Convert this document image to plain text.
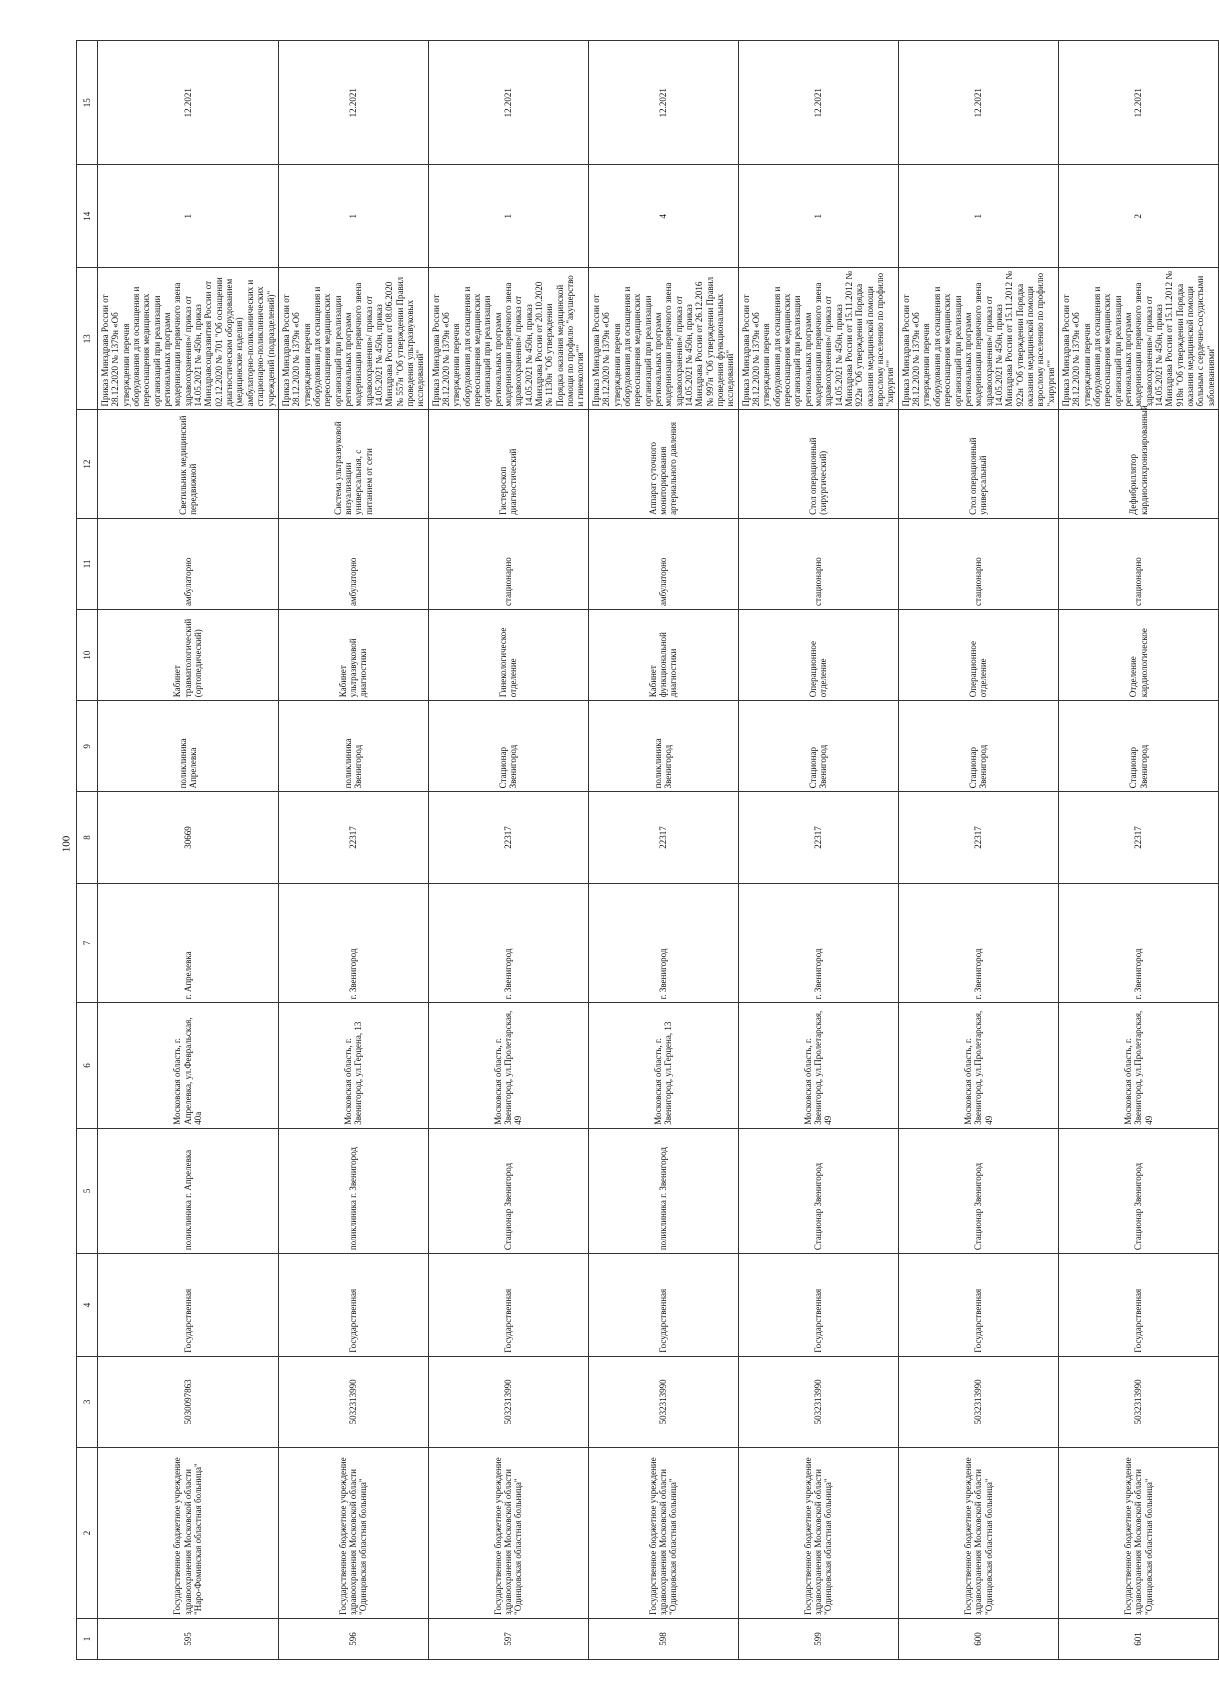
100
1	2	3	4	5	6	7	8	9	10	11	12	13	14	15
595	Государственное бюджетное учреждение здравоохранения Московской области "Наро-Фоминская областная больница"	5030097863	Государственная	поликлиника г. Апрелевка	Московская область, г. Апрелевка, ул.Февральская, 40а	г. Апрелевка	30669	поликлиника Апрелевка	Кабинет травматологический (ортопедический)	амбулаторно	Светильник медицинский передвижной	Приказ Минздрава России от 28.12.2020 № 1379н «Об утверждении перечня оборудования для оснащения и переоснащения медицинских организаций при реализации региональных программ модернизации первичного звена здравоохранения»/ приказ от 14.05.2021 № 450н, приказ Минздравсоцразвития России от 02.12.2020 № 701 "Об оснащении диагностическим оборудованием (медицинские изделия) амбулаторно-поликлинических и стационарно-поликлинических учреждений (подразделений)"	1	12.2021
596	Государственное бюджетное учреждение здравоохранения Московской области "Одинцовская областная больница"	5032313990	Государственная	поликлиника г. Звенигород	Московская область, г. Звенигород, ул.Герцена, 13	г. Звенигород	22317	поликлиника Звенигород	Кабинет ультразвуковой диагностики	амбулаторно	Система ультразвуковой визуализации универсальная, с питанием от сети	Приказ Минздрава России от 28.12.2020 № 1379н «Об утверждении перечня оборудования для оснащения и переоснащения медицинских организаций при реализации региональных программ модернизации первичного звена здравоохранения»/ приказ от 14.05.2021 № 450н, приказ Минздрава России от 08.06.2020 № 557н "Об утверждении Правил проведения ультразвуковых исследований"	1	12.2021
597	Государственное бюджетное учреждение здравоохранения Московской области "Одинцовская областная больница"	5032313990	Государственная	Стационар Звенигород	Московская область, г. Звенигород, ул.Пролетарская, 49	г. Звенигород	22317	Стационар Звенигород	Гинекологическое отделение	стационарно	Гистероскоп диагностический	Приказ Минздрава России от 28.12.2020 № 1379н «Об утверждении перечня оборудования для оснащения и переоснащения медицинских организаций при реализации региональных программ модернизации первичного звена здравоохранения»/ приказ от 14.05.2021 № 450н, приказ Минздрава России от 20.10.2020 № 1130н "Об утверждении Порядка оказания медицинской помощи по профилю "акушерство и гинекология""	1	12.2021
598	Государственное бюджетное учреждение здравоохранения Московской области "Одинцовская областная больница"	5032313990	Государственная	поликлиника г. Звенигород	Московская область, г. Звенигород, ул.Герцена, 13	г. Звенигород	22317	поликлиника Звенигород	Кабинет функциональной диагностики	амбулаторно	Аппарат суточного мониторирования артериального давления	Приказ Минздрава России от 28.12.2020 № 1379н «Об утверждении перечня оборудования для оснащения и переоснащения медицинских организаций при реализации региональных программ модернизации первичного звена здравоохранения»/ приказ от 14.05.2021 № 450н, приказ Минздрава России от 26.12.2016 № 997н "Об утверждении Правил проведения функциональных исследований"	4	12.2021
599	Государственное бюджетное учреждение здравоохранения Московской области "Одинцовская областная больница"	5032313990	Государственная	Стационар Звенигород	Московская область, г. Звенигород, ул.Пролетарская, 49	г. Звенигород	22317	Стационар Звенигород	Операционное отделение	стационарно	Стол операционный (хирургический)	Приказ Минздрава России от 28.12.2020 № 1379н «Об утверждении перечня оборудования для оснащения и переоснащения медицинских организаций при реализации региональных программ модернизации первичного звена здравоохранения»/ приказ от 14.05.2021 № 450н, приказ Минздрава России от 15.11.2012 № 922н "Об утверждении Порядка оказания медицинской помощи взрослому населению по профилю "хирургия""	1	12.2021
600	Государственное бюджетное учреждение здравоохранения Московской области "Одинцовская областная больница"	5032313990	Государственная	Стационар Звенигород	Московская область, г. Звенигород, ул.Пролетарская, 49	г. Звенигород	22317	Стационар Звенигород	Операционное отделение	стационарно	Стол операционный универсальный	Приказ Минздрава России от 28.12.2020 № 1379н «Об утверждении перечня оборудования для оснащения и переоснащения медицинских организаций при реализации региональных программ модернизации первичного звена здравоохранения»/ приказ от 14.05.2021 № 450н, приказ Минздрава России от 15.11.2012 № 922н "Об утверждении Порядка оказания медицинской помощи взрослому населению по профилю "хирургия""	1	12.2021
601	Государственное бюджетное учреждение здравоохранения Московской области "Одинцовская областная больница"	5032313990	Государственная	Стационар Звенигород	Московская область, г. Звенигород, ул.Пролетарская, 49	г. Звенигород	22317	Стационар Звенигород	Отделение кардиологическое	стационарно	Дефибриллятор кардиосинхронизированный	Приказ Минздрава России от 28.12.2020 № 1379н «Об утверждении перечня оборудования для оснащения и переоснащения медицинских организаций при реализации региональных программ модернизации первичного звена здравоохранения»/ приказ от 14.05.2021 № 450н, приказ Минздрава России от 15.11.2012 № 918н "Об утверждении Порядка оказания медицинской помощи больным с сердечно-сосудистыми заболеваниями"	2	12.2021
